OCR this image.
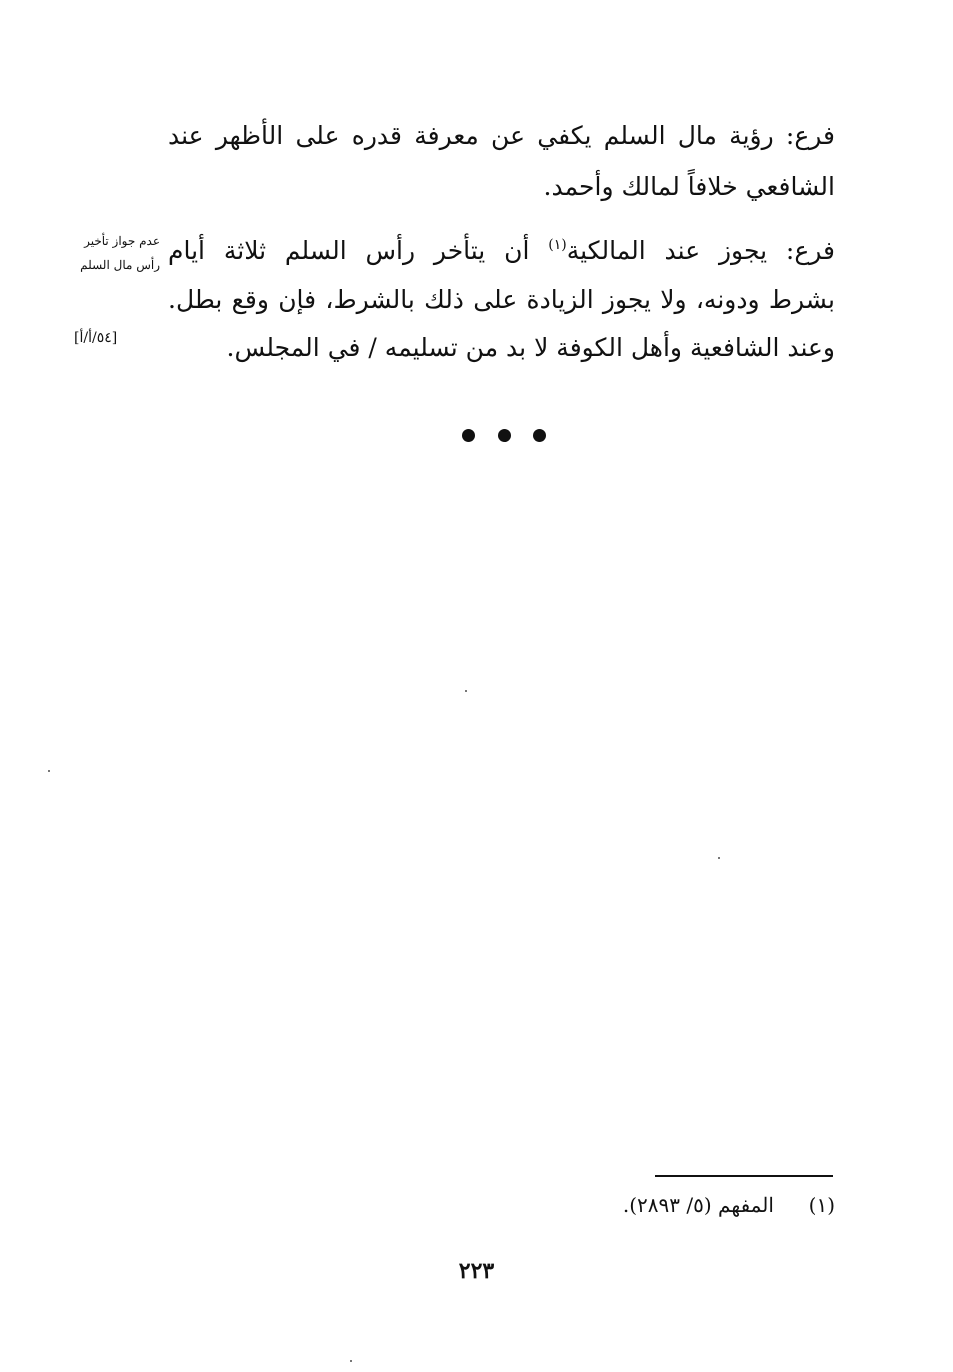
فرع: رؤية مال السلم يكفي عن معرفة قدره على الأظهر عند
الشافعي خلافاً لمالك وأحمد.
فرع: يجوز عند المالكية$^{(١)}$ أن يتأخر رأس السلم ثلاثة أيام
بشرط ودونه، ولا يجوز الزيادة على ذلك بالشرط، فإن وقع بطل.
وعند الشافعية وأهل الكوفة لا بد من تسليمه / في المجلس.
عدم جواز تأخير
رأس مال السلم
[٥٤/أ/أ]
(١)  المفهم (٥/ ٢٨٩٣).
٢٢٣
